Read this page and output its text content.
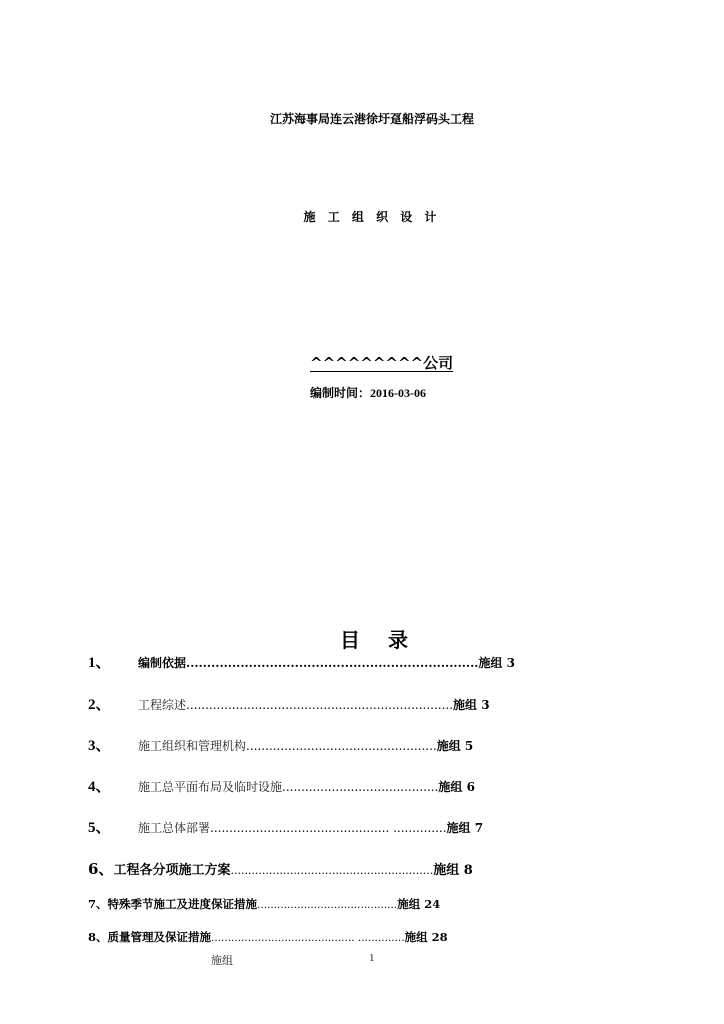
江苏海事局连云港徐圩趸船浮码头工程
施 工 组 织 设 计
^^^^^^^^^公司
编制时间：2016-03-06
目 录
1、 编制依据......................................................................施组 3
2、 工程综述......................................................................施组 3
3、 施工组织和管理机构..................................................施组 5
4、 施工总平面布局及临时设施.........................................施组 6
5、 施工总体部署............................................... ..............施组 7
6、工程各分项施工方案..........................................................施组 8
7、特殊季节施工及进度保证措施..........................................施组 24
8、质量管理及保证措施........................................... ..............施组 28
施组	1
